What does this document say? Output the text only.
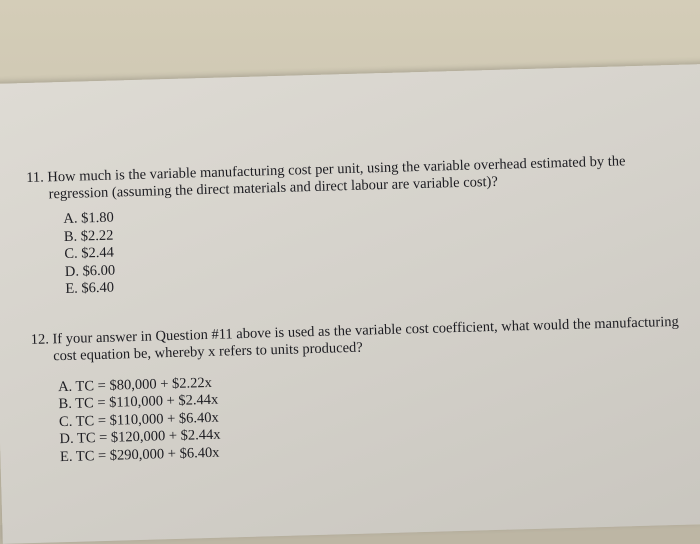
11. How much is the variable manufacturing cost per unit, using the variable overhead estimated by the regression (assuming the direct materials and direct labour are variable cost)?
A. $1.80
B. $2.22
C. $2.44
D. $6.00
E. $6.40
12. If your answer in Question #11 above is used as the variable cost coefficient, what would the manufacturing cost equation be, whereby x refers to units produced?
A. TC = $80,000 + $2.22x
B. TC = $110,000 + $2.44x
C. TC = $110,000 + $6.40x
D. TC = $120,000 + $2.44x
E. TC = $290,000 + $6.40x
